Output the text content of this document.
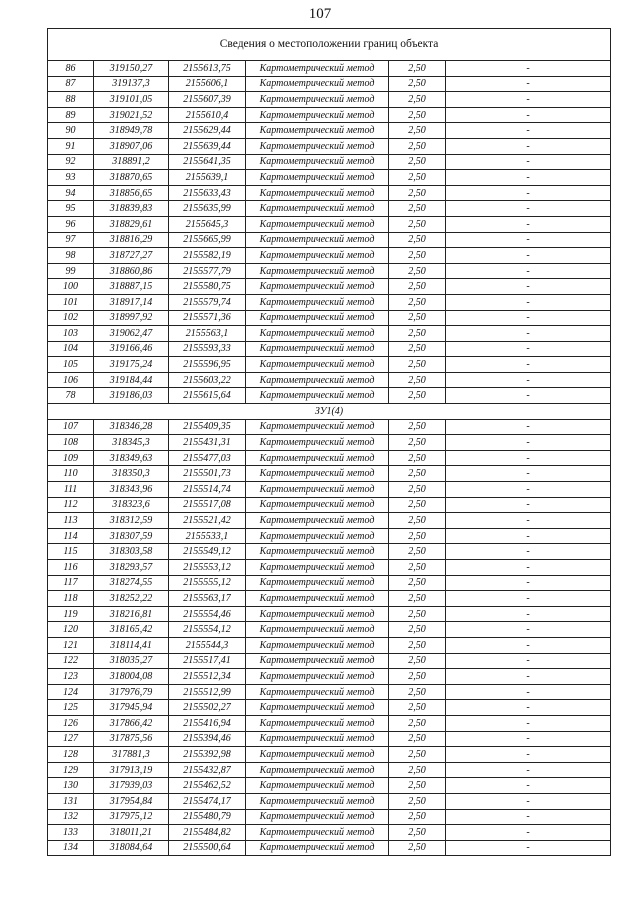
107
Сведения о местоположении границ объекта					
86	319150,27	2155613,75	Картометрический метод	2,50	-
87	319137,3	2155606,1	Картометрический метод	2,50	-
88	319101,05	2155607,39	Картометрический метод	2,50	-
89	319021,52	2155610,4	Картометрический метод	2,50	-
90	318949,78	2155629,44	Картометрический метод	2,50	-
91	318907,06	2155639,44	Картометрический метод	2,50	-
92	318891,2	2155641,35	Картометрический метод	2,50	-
93	318870,65	2155639,1	Картометрический метод	2,50	-
94	318856,65	2155633,43	Картометрический метод	2,50	-
95	318839,83	2155635,99	Картометрический метод	2,50	-
96	318829,61	2155645,3	Картометрический метод	2,50	-
97	318816,29	2155665,99	Картометрический метод	2,50	-
98	318727,27	2155582,19	Картометрический метод	2,50	-
99	318860,86	2155577,79	Картометрический метод	2,50	-
100	318887,15	2155580,75	Картометрический метод	2,50	-
101	318917,14	2155579,74	Картометрический метод	2,50	-
102	318997,92	2155571,36	Картометрический метод	2,50	-
103	319062,47	2155563,1	Картометрический метод	2,50	-
104	319166,46	2155593,33	Картометрический метод	2,50	-
105	319175,24	2155596,95	Картометрический метод	2,50	-
106	319184,44	2155603,22	Картометрический метод	2,50	-
78	319186,03	2155615,64	Картометрический метод	2,50	-
ЗУ1(4)					
107	318346,28	2155409,35	Картометрический метод	2,50	-
108	318345,3	2155431,31	Картометрический метод	2,50	-
109	318349,63	2155477,03	Картометрический метод	2,50	-
110	318350,3	2155501,73	Картометрический метод	2,50	-
111	318343,96	2155514,74	Картометрический метод	2,50	-
112	318323,6	2155517,08	Картометрический метод	2,50	-
113	318312,59	2155521,42	Картометрический метод	2,50	-
114	318307,59	2155533,1	Картометрический метод	2,50	-
115	318303,58	2155549,12	Картометрический метод	2,50	-
116	318293,57	2155553,12	Картометрический метод	2,50	-
117	318274,55	2155555,12	Картометрический метод	2,50	-
118	318252,22	2155563,17	Картометрический метод	2,50	-
119	318216,81	2155554,46	Картометрический метод	2,50	-
120	318165,42	2155554,12	Картометрический метод	2,50	-
121	318114,41	2155544,3	Картометрический метод	2,50	-
122	318035,27	2155517,41	Картометрический метод	2,50	-
123	318004,08	2155512,34	Картометрический метод	2,50	-
124	317976,79	2155512,99	Картометрический метод	2,50	-
125	317945,94	2155502,27	Картометрический метод	2,50	-
126	317866,42	2155416,94	Картометрический метод	2,50	-
127	317875,56	2155394,46	Картометрический метод	2,50	-
128	317881,3	2155392,98	Картометрический метод	2,50	-
129	317913,19	2155432,87	Картометрический метод	2,50	-
130	317939,03	2155462,52	Картометрический метод	2,50	-
131	317954,84	2155474,17	Картометрический метод	2,50	-
132	317975,12	2155480,79	Картометрический метод	2,50	-
133	318011,21	2155484,82	Картометрический метод	2,50	-
134	318084,64	2155500,64	Картометрический метод	2,50	-
